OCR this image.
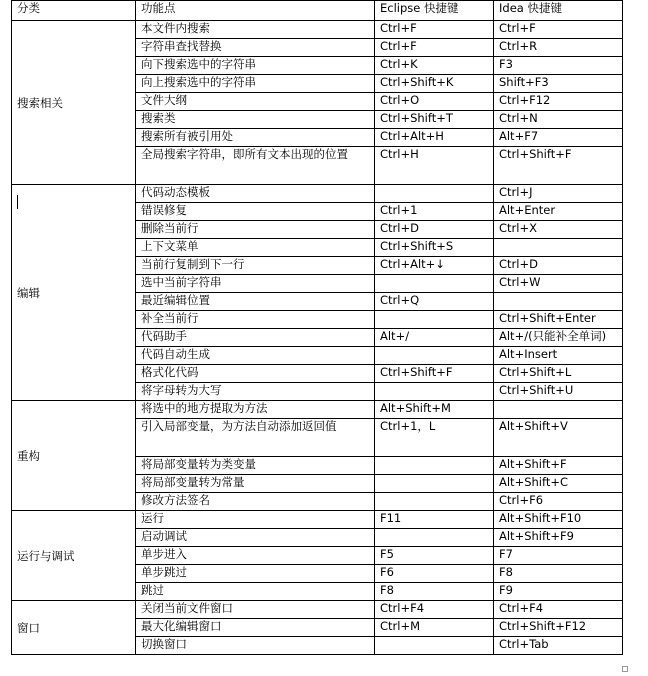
分类	功能点	Eclipse 快捷键	Idea 快捷键
搜索相关	本文件内搜索	Ctrl+F	Ctrl+F
	字符串查找替换	Ctrl+F	Ctrl+R
	向下搜索选中的字符串	Ctrl+K	F3
	向上搜索选中的字符串	Ctrl+Shift+K	Shift+F3
	文件大纲	Ctrl+O	Ctrl+F12
	搜索类	Ctrl+Shift+T	Ctrl+N
	搜索所有被引用处	Ctrl+Alt+H	Alt+F7
	全局搜索字符串，即所有文本出现的位置	Ctrl+H	Ctrl+Shift+F
编辑	代码动态模板		Ctrl+J
	错误修复	Ctrl+1	Alt+Enter
	删除当前行	Ctrl+D	Ctrl+X
	上下文菜单	Ctrl+Shift+S	
	当前行复制到下一行	Ctrl+Alt+↓	Ctrl+D
	选中当前字符串		Ctrl+W
	最近编辑位置	Ctrl+Q	
	补全当前行		Ctrl+Shift+Enter
	代码助手	Alt+/	Alt+/(只能补全单词)
	代码自动生成		Alt+Insert
	格式化代码	Ctrl+Shift+F	Ctrl+Shift+L
	将字母转为大写		Ctrl+Shift+U
重构	将选中的地方提取为方法	Alt+Shift+M	
	引入局部变量，为方法自动添加返回值	Ctrl+1，L	Alt+Shift+V
	将局部变量转为类变量		Alt+Shift+F
	将局部变量转为常量		Alt+Shift+C
	修改方法签名		Ctrl+F6
运行与调试	运行	F11	Alt+Shift+F10
	启动调试		Alt+Shift+F9
	单步进入	F5	F7
	单步跳过	F6	F8
	跳过	F8	F9
窗口	关闭当前文件窗口	Ctrl+F4	Ctrl+F4
	最大化编辑窗口	Ctrl+M	Ctrl+Shift+F12
	切换窗口		Ctrl+Tab
